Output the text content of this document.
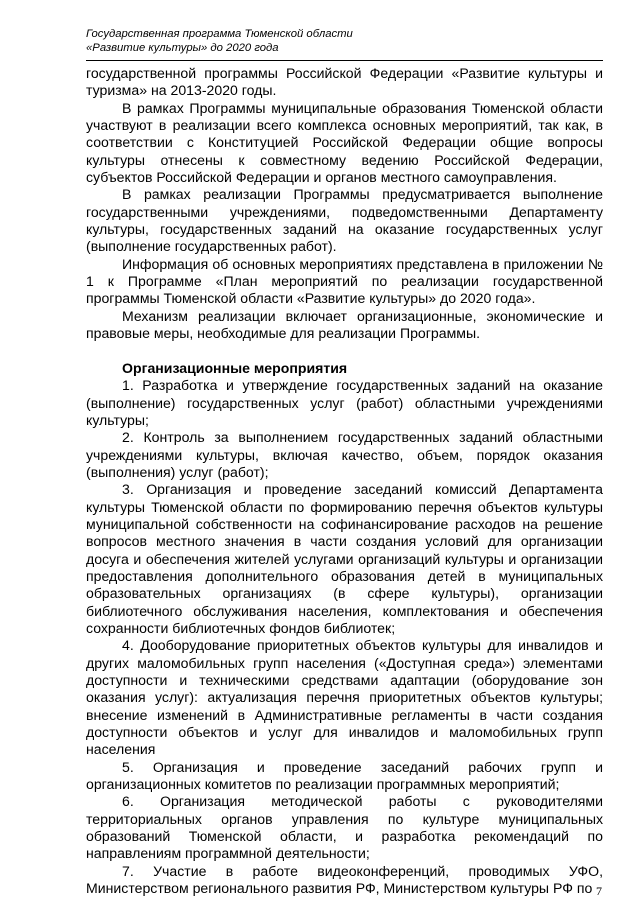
Государственная программа Тюменской области
«Развитие культуры» до 2020 года

государственной программы Российской Федерации «Развитие культуры и туризма» на 2013-2020 годы.

В рамках Программы муниципальные образования Тюменской области участвуют в реализации всего комплекса основных мероприятий, так как, в соответствии с Конституцией Российской Федерации общие вопросы культуры отнесены к совместному ведению Российской Федерации, субъектов Российской Федерации и органов местного самоуправления.

В рамках реализации Программы предусматривается выполнение государственными учреждениями, подведомственными Департаменту культуры, государственных заданий на оказание государственных услуг (выполнение государственных работ).

Информация об основных мероприятиях представлена в приложении № 1 к Программе «План мероприятий по реализации государственной программы Тюменской области «Развитие культуры» до 2020 года».

Механизм реализации включает организационные, экономические и правовые меры, необходимые для реализации Программы.

Организационные мероприятия

1. Разработка и утверждение государственных заданий на оказание (выполнение) государственных услуг (работ) областными учреждениями культуры;

2. Контроль за выполнением государственных заданий областными учреждениями культуры, включая качество, объем, порядок оказания (выполнения) услуг (работ);

3. Организация и проведение заседаний комиссий Департамента культуры Тюменской области по формированию перечня объектов культуры муниципальной собственности на софинансирование расходов на решение вопросов местного значения в части создания условий для организации досуга и обеспечения жителей услугами организаций культуры и организации предоставления дополнительного образования детей в муниципальных образовательных организациях (в сфере культуры), организации библиотечного обслуживания населения, комплектования и обеспечения сохранности библиотечных фондов библиотек;

4. Дооборудование приоритетных объектов культуры для инвалидов и других маломобильных групп населения («Доступная среда») элементами доступности и техническими средствами адаптации (оборудование зон оказания услуг): актуализация перечня приоритетных объектов культуры; внесение изменений в Административные регламенты в части создания доступности объектов и услуг для инвалидов и маломобильных групп населения

5. Организация и проведение заседаний рабочих групп и организационных комитетов по реализации программных мероприятий;

6. Организация методической работы с руководителями территориальных органов управления по культуре муниципальных образований Тюменской области, и разработка рекомендаций по направлениям программной деятельности;

7. Участие в работе видеоконференций, проводимых УФО, Министерством регионального развития РФ, Министерством культуры РФ по 7
